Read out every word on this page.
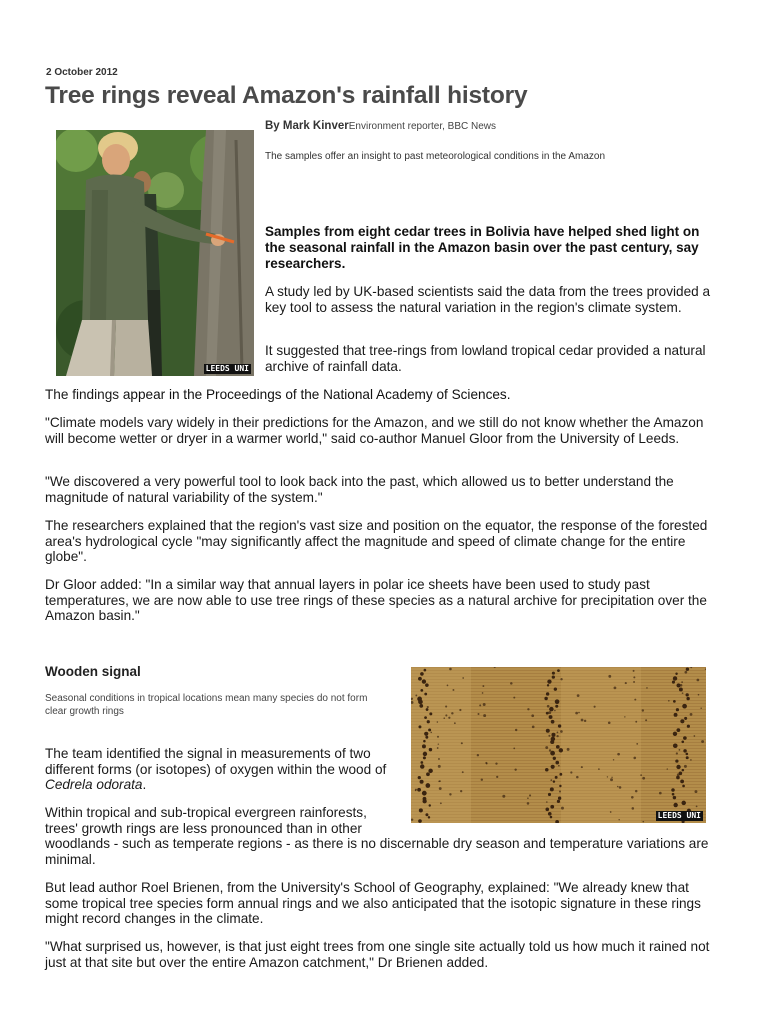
2 October 2012
Tree rings reveal Amazon's rainfall history
LEEDS UNI
By Mark KinverEnvironment reporter, BBC News
The samples offer an insight to past meteorological conditions in the Amazon

Samples from eight cedar trees in Bolivia have helped shed light on the seasonal rainfall in the Amazon basin over the past century, say researchers.

A study led by UK-based scientists said the data from the trees provided a key tool to assess the natural variation in the region's climate system.

It suggested that tree-rings from lowland tropical cedar provided a natural archive of rainfall data.

The findings appear in the Proceedings of the National Academy of Sciences.

"Climate models vary widely in their predictions for the Amazon, and we still do not know whether the Amazon will become wetter or dryer in a warmer world," said co-author Manuel Gloor from the University of Leeds.

"We discovered a very powerful tool to look back into the past, which allowed us to better understand the magnitude of natural variability of the system."

The researchers explained that the region's vast size and position on the equator, the response of the forested area's hydrological cycle "may significantly affect the magnitude and speed of climate change for the entire globe".

Dr Gloor added: "In a similar way that annual layers in polar ice sheets have been used to study past temperatures, we are now able to use tree rings of these species as a natural archive for precipitation over the Amazon basin."

Wooden signal
Seasonal conditions in tropical locations mean many species do not form clear growth rings
LEEDS UNI

The team identified the signal in measurements of two different forms (or isotopes) of oxygen within the wood of Cedrela odorata.

Within tropical and sub-tropical evergreen rainforests,
trees' growth rings are less pronounced than in other
woodlands - such as temperate regions - as there is no discernable dry season and temperature variations are minimal.

But lead author Roel Brienen, from the University's School of Geography, explained: "We already knew that some tropical tree species form annual rings and we also anticipated that the isotopic signature in these rings might record changes in the climate.

"What surprised us, however, is that just eight trees from one single site actually told us how much it rained not just at that site but over the entire Amazon catchment," Dr Brienen added.
